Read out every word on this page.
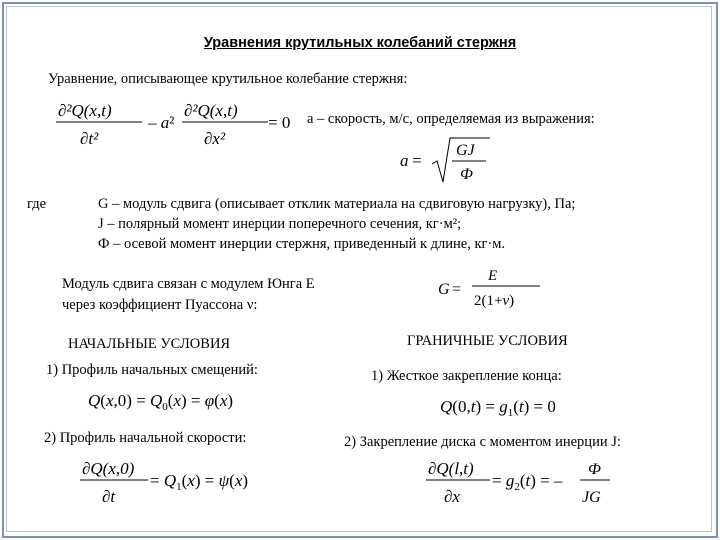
Уравнения крутильных колебаний стержня
Уравнение, описывающее крутильное колебание стержня:
∂²Q(x,t)
∂t²
– a²
∂²Q(x,t)
∂x²
= 0 a – скорость, м/с, определяемая из выражения:
a =
GJ
Ф
где	G – модуль сдвига (описывает отклик материала на сдвиговую нагрузку), Па;
J – полярный момент инерции поперечного сечения, кг·м²;
Ф – осевой момент инерции стержня, приведенный к длине, кг·м.
Модуль сдвига связан с модулем Юнга E
через коэффициент Пуассона ν:
G =
E
2(1+ν)
НАЧАЛЬНЫЕ УСЛОВИЯ	ГРАНИЧНЫЕ УСЛОВИЯ
1) Профиль начальных смещений:	1) Жесткое закрепление конца:
$Q(x,0) = Q_0(x) = \varphi(x)$	$Q(0,t) = g_1(t) = 0$
2) Профиль начальной скорости:	2) Закрепление диска с моментом инерции J:
∂Q(x,0)
∂t
= $Q_1(x) = \psi(x)$
∂Q(l,t)
∂x
= $g_2(t)$ = –
Ф
JG
